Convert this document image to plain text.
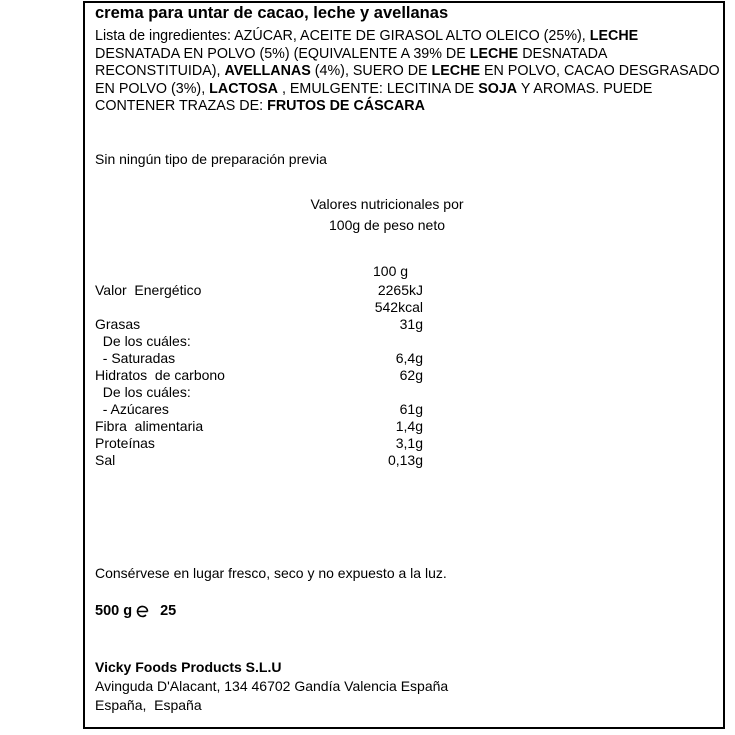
crema para untar de cacao, leche y avellanas
Lista de ingredientes: AZÚCAR, ACEITE DE GIRASOL ALTO OLEICO (25%), LECHE DESNATADA EN POLVO (5%) (EQUIVALENTE A 39% DE LECHE DESNATADA RECONSTITUIDA), AVELLANAS (4%), SUERO DE LECHE EN POLVO, CACAO DESGRASADO EN POLVO (3%), LACTOSA , EMULGENTE: LECITINA DE SOJA Y AROMAS. PUEDE CONTENER TRAZAS DE: FRUTOS DE CÁSCARA
Sin ningún tipo de preparación previa
Valores nutricionales por
100g de peso neto
100 g
Valor  Energético	2265kJ
542kcal
Grasas	31g
De los cuáles:
- Saturadas	6,4g
Hidratos  de carbono	62g
De los cuáles:
- Azúcares	61g
Fibra  alimentaria	1,4g
Proteínas	3,1g
Sal	0,13g
Consérvese en lugar fresco, seco y no expuesto a la luz.
500 g 25
Vicky Foods Products S.L.U
Avinguda D'Alacant, 134 46702 Gandía Valencia España
España,  España
